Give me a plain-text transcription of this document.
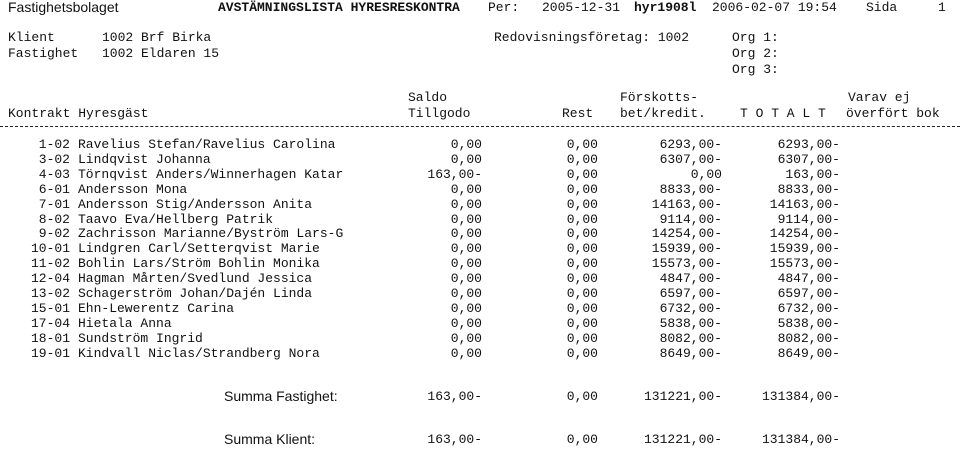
Fastighetsbolaget	AVSTÄMNINGSLISTA HYRESRESKONTRA Per: 2005-12-31 hyr1908l 2006-02-07 19:54 Sida	1
Klient	1002 Brf Birka
Fastighet 1002 Eldaren 15
Redovisningsföretag: 1002	Org 1:
Org 2:
Org 3:
Saldo
Tillgodo
Kontrakt Hyresgäst	Rest
Förskotts-
bet/kredit.	T O T A L T
Varav ej
överfört bok
1-02 Ravelius Stefan/Ravelius Carolina	0,00	0,00	6293,00-	6293,00-
3-02 Lindqvist Johanna	0,00	0,00	6307,00-	6307,00-
4-03 Törnqvist Anders/Winnerhagen Katar	163,00-	0,00	0,00	163,00-
6-01 Andersson Mona	0,00	0,00	8833,00-	8833,00-
7-01 Andersson Stig/Andersson Anita	0,00	0,00	14163,00-	14163,00-
8-02 Taavo Eva/Hellberg Patrik	0,00	0,00	9114,00-	9114,00-
9-02 Zachrisson Marianne/Byström Lars-G	0,00	0,00	14254,00-	14254,00-
10-01 Lindgren Carl/Setterqvist Marie	0,00	0,00	15939,00-	15939,00-
11-02 Bohlin Lars/Ström Bohlin Monika	0,00	0,00	15573,00-	15573,00-
12-04 Hagman Mårten/Svedlund Jessica	0,00	0,00	4847,00-	4847,00-
13-02 Schagerström Johan/Dajén Linda	0,00	0,00	6597,00-	6597,00-
15-01 Ehn-Lewerentz Carina	0,00	0,00	6732,00-	6732,00-
17-04 Hietala Anna	0,00	0,00	5838,00-	5838,00-
18-01 Sundström Ingrid	0,00	0,00	8082,00-	8082,00-
19-01 Kindvall Niclas/Strandberg Nora	0,00	0,00	8649,00-	8649,00-
Summa Fastighet:	163,00-	0,00	131221,00-	131384,00-
Summa Klient:	163,00-	0,00	131221,00-	131384,00-
